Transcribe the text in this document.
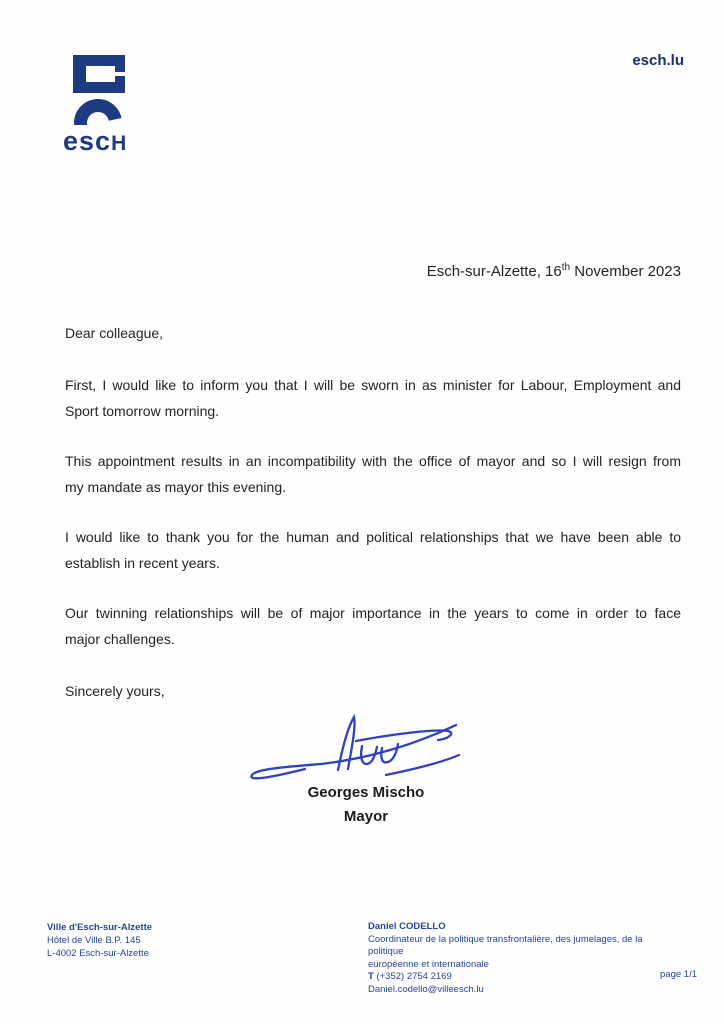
escH
esch.lu
Esch-sur-Alzette, 16th November 2023
Dear colleague,
First, I would like to inform you that I will be sworn in as minister for Labour, Employment and
Sport tomorrow morning.
This appointment results in an incompatibility with the office of mayor and so I will resign from
my mandate as mayor this evening.
I would like to thank you for the human and political relationships that we have been able to
establish in recent years.
Our twinning relationships will be of major importance in the years to come in order to face
major challenges.
Sincerely yours,
Georges Mischo
Mayor
Ville d'Esch-sur-Alzette
Hôtel de Ville B.P. 145
L-4002 Esch-sur-Alzette
Daniel CODELLO
Coordinateur de la politique transfrontalière, des jumelages, de la politique
européenne et internationale
T (+352) 2754 2169
Daniel.codello@villeesch.lu
page 1/1
